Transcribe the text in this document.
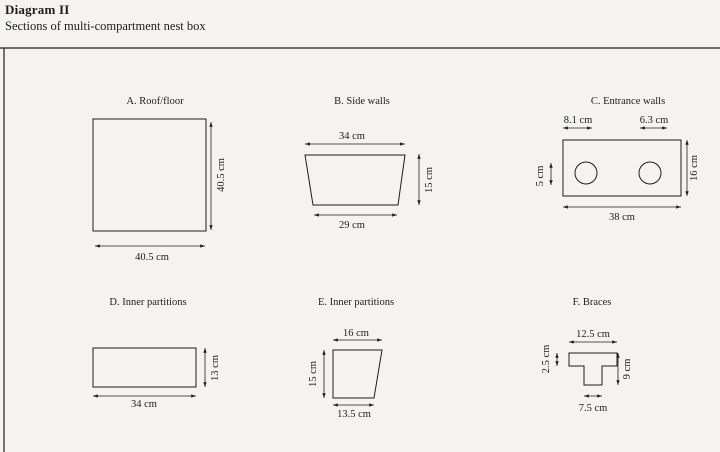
Diagram II
Sections of multi-compartment nest box
A. Roof/floor
40.5 cm
40.5 cm
B. Side walls
34 cm
15 cm
29 cm
C. Entrance walls
8.1 cm	6.3 cm
5 cm	16 cm
38 cm
D. Inner partitions
13 cm
34 cm
E. Inner partitions
16 cm
15 cm
13.5 cm
F. Braces
12.5 cm
2.5 cm	9 cm
7.5 cm
